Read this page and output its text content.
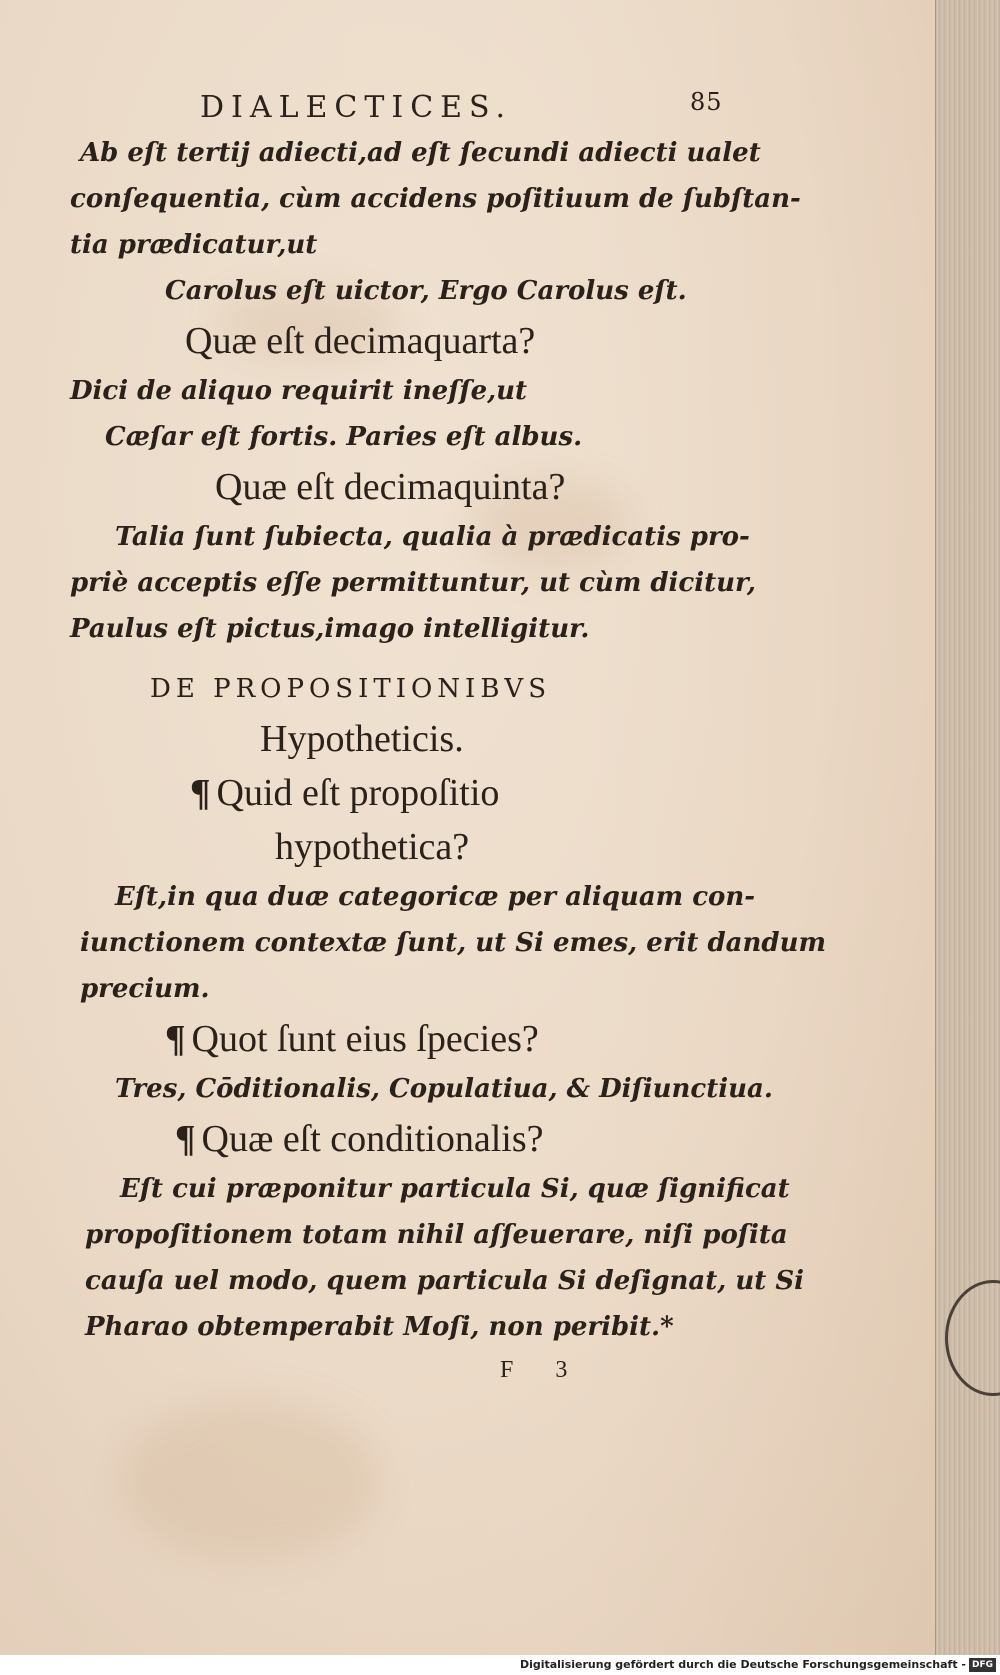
DIALECTICES.	85
Ab eſt tertij adiecti,ad eſt ſecundi adiecti ualet
conſequentia, cùm accidens poſitiuum de ſubſtan-
tia prædicatur,ut
Carolus eſt uictor, Ergo Carolus eſt.
Quæ eſt decimaquarta?
Dici de aliquo requirit ineſſe,ut
Cæſar eſt fortis. Paries eſt albus.
Quæ eſt decimaquinta?
Talia ſunt ſubiecta, qualia à prædicatis pro-
priè acceptis eſſe permittuntur, ut cùm dicitur,
Paulus eſt pictus,imago intelligitur.
DE PROPOSITIONIBVS
Hypotheticis.
¶ Quid eſt propoſitio
hypothetica?
Eſt,in qua duæ categoricæ per aliquam con-
iunctionem contextæ ſunt, ut Si emes, erit dandum
precium.
¶ Quot ſunt eius ſpecies?
Tres, Cōditionalis, Copulatiua, & Diſiunctiua.
¶ Quæ eſt conditionalis?
Eſt cui præponitur particula Si, quæ ſignificat
propoſitionem totam nihil aſſeuerare, niſi poſita
cauſa uel modo, quem particula Si deſignat, ut Si
Pharao obtemperabit Moſi, non peribit.*
F 3
Digitalisierung gefördert durch die Deutsche Forschungsgemeinschaft - DFG
